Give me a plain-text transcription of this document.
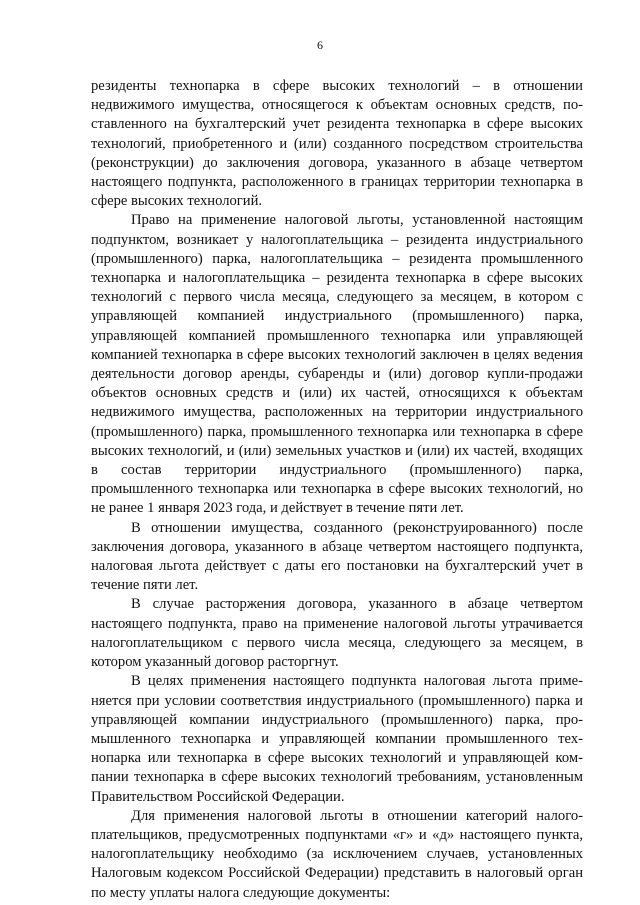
6

резиденты технопарка в сфере высоких технологий – в отношении недвижимого имущества, относящегося к объектам основных средств, поставленного на бухгалтерский учет резидента технопарка в сфере высоких технологий, приобретенного и (или) созданного посредством строительства (реконструкции) до заключения договора, указанного в абзаце четвертом настоящего подпункта, расположенного в границах территории технопарка в сфере высоких технологий.

Право на применение налоговой льготы, установленной настоящим подпунктом, возникает у налогоплательщика – резидента индустриального (промышленного) парка, налогоплательщика – резидента промышленного технопарка и налогоплательщика – резидента технопарка в сфере высоких технологий с первого числа месяца, следующего за месяцем, в котором с управляющей компанией индустриального (промышленного) парка, управляющей компанией промышленного технопарка или управляющей компанией технопарка в сфере высоких технологий заключен в целях ведения деятельности договор аренды, субаренды и (или) договор купли-продажи объектов основных средств и (или) их частей, относящихся к объектам недвижимого имущества, расположенных на территории индустриального (промышленного) парка, промышленного технопарка или технопарка в сфере высоких технологий, и (или) земельных участков и (или) их частей, входящих в состав территории индустриального (промышленного) парка, промышленного технопарка или технопарка в сфере высоких технологий, но не ранее 1 января 2023 года, и действует в течение пяти лет.

В отношении имущества, созданного (реконструированного) после заключения договора, указанного в абзаце четвертом настоящего подпункта, налоговая льгота действует с даты его постановки на бухгалтерский учет в течение пяти лет.

В случае расторжения договора, указанного в абзаце четвертом настоящего подпункта, право на применение налоговой льготы утрачивается налогоплательщиком с первого числа месяца, следующего за месяцем, в котором указанный договор расторгнут.

В целях применения настоящего подпункта налоговая льгота применяется при условии соответствия индустриального (промышленного) парка и управляющей компании индустриального (промышленного) парка, промышленного технопарка и управляющей компании промышленного технопарка или технопарка в сфере высоких технологий и управляющей компании технопарка в сфере высоких технологий требованиям, установленным Правительством Российской Федерации.

Для применения налоговой льготы в отношении категорий налогоплательщиков, предусмотренных подпунктами «г» и «д» настоящего пункта, налогоплательщику необходимо (за исключением случаев, установленных Налоговым кодексом Российской Федерации) представить в налоговый орган по месту уплаты налога следующие документы:
